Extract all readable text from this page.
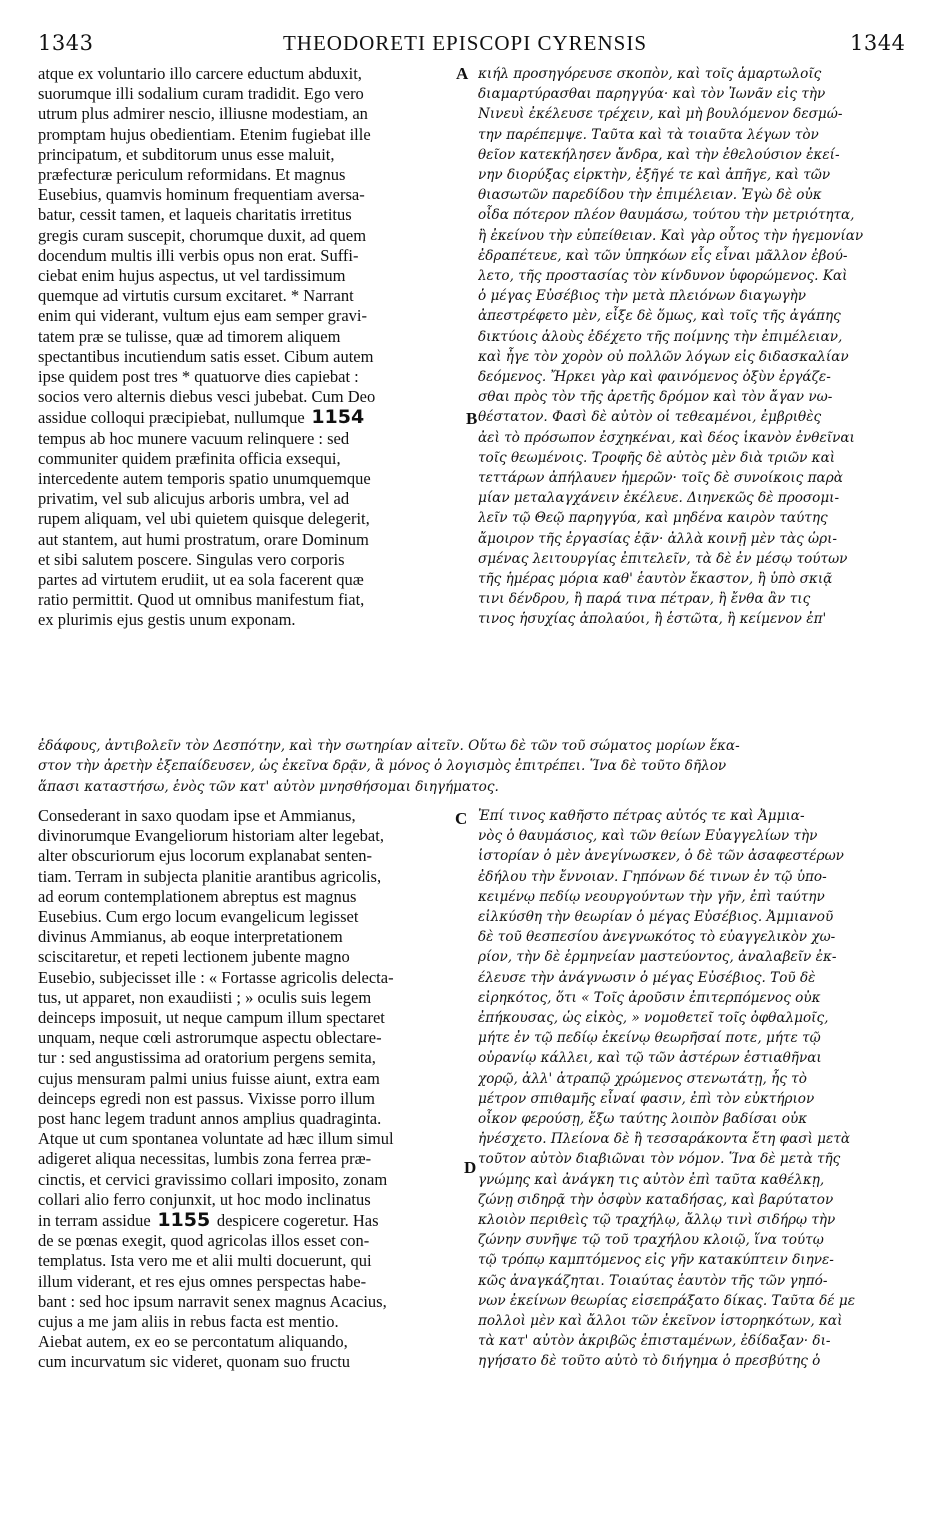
1343	THEODORETI EPISCOPI CYRENSIS	1344
A
B
C
D
atque ex voluntario illo carcere eductum abduxit,
suorumque illi sodalium curam tradidit. Ego vero
utrum plus admirer nescio, illiusne modestiam, an
promptam hujus obedientiam. Etenim fugiebat ille
principatum, et subditorum unus esse maluit,
præfecturæ periculum reformidans. Et magnus
Eusebius, quamvis hominum frequentiam aversa-
batur, cessit tamen, et laqueis charitatis irretitus
gregis curam suscepit, chorumque duxit, ad quem
docendum multis illi verbis opus non erat. Suffi-
ciebat enim hujus aspectus, ut vel tardissimum
quemque ad virtutis cursum excitaret. * Narrant
enim qui viderant, vultum ejus eam semper gravi-
tatem præ se tulisse, quæ ad timorem aliquem
spectantibus incutiendum satis esset. Cibum autem
ipse quidem post tres * quatuorve dies capiebat :
socios vero alternis diebus vesci jubebat. Cum Deo
assidue colloqui præcipiebat, nullumque 1154
tempus ab hoc munere vacuum relinquere : sed
communiter quidem præfinita officia exsequi,
intercedente autem temporis spatio unumquemque
privatim, vel sub alicujus arboris umbra, vel ad
rupem aliquam, vel ubi quietem quisque delegerit,
aut stantem, aut humi prostratum, orare Dominum
et sibi salutem poscere. Singulas vero corporis
partes ad virtutem erudiit, ut ea sola facerent quæ
ratio permittit. Quod ut omnibus manifestum fiat,
ex plurimis ejus gestis unum exponam.
κιήλ προσηγόρευσε σκοπὸν, καὶ τοῖς ἁμαρτωλοῖς
διαμαρτύρασθαι παρηγγύα· καὶ τὸν Ἰωνᾶν εἰς τὴν
Νινευὶ ἐκέλευσε τρέχειν, καὶ μὴ βουλόμενον δεσμώ-
την παρέπεμψε. Ταῦτα καὶ τὰ τοιαῦτα λέγων τὸν
θεῖον κατεκήλησεν ἄνδρα, καὶ τὴν ἐθελούσιον ἐκεί-
νην διορύξας εἱρκτὴν, ἐξῆγέ τε καὶ ἀπῆγε, καὶ τῶν
θιασωτῶν παρεδίδου τὴν ἐπιμέλειαν. Ἐγὼ δὲ οὐκ
οἶδα πότερον πλέον θαυμάσω, τούτου τὴν μετριότητα,
ἢ ἐκείνου τὴν εὐπείθειαν. Καὶ γὰρ οὗτος τὴν ἡγεμονίαν
ἐδραπέτευε, καὶ τῶν ὑπηκόων εἷς εἶναι μᾶλλον ἐβού-
λετο, τῆς προστασίας τὸν κίνδυνον ὑφορώμενος. Καὶ
ὁ μέγας Εὐσέβιος τὴν μετὰ πλειόνων διαγωγὴν
ἀπεστρέφετο μὲν, εἶξε δὲ ὅμως, καὶ τοῖς τῆς ἀγάπης
δικτύοις ἁλοὺς ἐδέχετο τῆς ποίμνης τὴν ἐπιμέλειαν,
καὶ ἦγε τὸν χορὸν οὐ πολλῶν λόγων εἰς διδασκαλίαν
δεόμενος. Ἤρκει γὰρ καὶ φαινόμενος ὀξὺν ἐργάζε-
σθαι πρὸς τὸν τῆς ἀρετῆς δρόμον καὶ τὸν ἄγαν νω-
θέστατον. Φασὶ δὲ αὐτὸν οἱ τεθεαμένοι, ἐμβριθὲς
ἀεὶ τὸ πρόσωπον ἐσχηκέναι, καὶ δέος ἱκανὸν ἐνθεῖναι
τοῖς θεωμένοις. Τροφῆς δὲ αὐτὸς μὲν διὰ τριῶν καὶ
τεττάρων ἀπήλαυεν ἡμερῶν· τοῖς δὲ συνοίκοις παρὰ
μίαν μεταλαγχάνειν ἐκέλευε. Διηνεκῶς δὲ προσομι-
λεῖν τῷ Θεῷ παρηγγύα, καὶ μηδένα καιρὸν ταύτης
ἄμοιρον τῆς ἐργασίας ἐᾷν· ἀλλὰ κοινῇ μὲν τὰς ὡρι-
σμένας λειτουργίας ἐπιτελεῖν, τὰ δὲ ἐν μέσῳ τούτων
τῆς ἡμέρας μόρια καθ' ἑαυτὸν ἕκαστον, ἢ ὑπὸ σκιᾷ
τινι δένδρου, ἢ παρά τινα πέτραν, ἢ ἔνθα ἂν τις
τινος ἡσυχίας ἀπολαύοι, ἢ ἑστῶτα, ἢ κείμενον ἐπ'
ἐδάφους, ἀντιβολεῖν τὸν Δεσπότην, καὶ τὴν σωτηρίαν αἰτεῖν. Οὕτω δὲ τῶν τοῦ σώματος μορίων ἕκα-
στον τὴν ἀρετὴν ἐξεπαίδευσεν, ὡς ἐκεῖνα δρᾷν, ἃ μόνος ὁ λογισμὸς ἐπιτρέπει. Ἵνα δὲ τοῦτο δῆλον
ἅπασι καταστήσω, ἑνὸς τῶν κατ' αὐτὸν μνησθήσομαι διηγήματος.
Consederant in saxo quodam ipse et Ammianus,
divinorumque Evangeliorum historiam alter legebat,
alter obscuriorum ejus locorum explanabat senten-
tiam. Terram in subjecta planitie arantibus agricolis,
ad eorum contemplationem abreptus est magnus
Eusebius. Cum ergo locum evangelicum legisset
divinus Ammianus, ab eoque interpretationem
sciscitaretur, et repeti lectionem jubente magno
Eusebio, subjecisset ille : « Fortasse agricolis delecta-
tus, ut apparet, non exaudiisti ; » oculis suis legem
deinceps imposuit, ut neque campum illum spectaret
unquam, neque cœli astrorumque aspectu oblectare-
tur : sed angustissima ad oratorium pergens semita,
cujus mensuram palmi unius fuisse aiunt, extra eam
deinceps egredi non est passus. Vixisse porro illum
post hanc legem tradunt annos amplius quadraginta.
Atque ut cum spontanea voluntate ad hæc illum simul
adigeret aliqua necessitas, lumbis zona ferrea præ-
cinctis, et cervici gravissimo collari imposito, zonam
collari alio ferro conjunxit, ut hoc modo inclinatus
in terram assidue 1155 despicere cogeretur. Has
de se pœnas exegit, quod agricolas illos esset con-
templatus. Ista vero me et alii multi docuerunt, qui
illum viderant, et res ejus omnes perspectas habe-
bant : sed hoc ipsum narravit senex magnus Acacius,
cujus a me jam aliis in rebus facta est mentio.
Aiebat autem, ex eo se percontatum aliquando,
cum incurvatum sic videret, quonam suo fructu
Ἐπί τινος καθῆστο πέτρας αὐτός τε καὶ Ἀμμια-
νὸς ὁ θαυμάσιος, καὶ τῶν θείων Εὐαγγελίων τὴν
ἱστορίαν ὁ μὲν ἀνεγίνωσκεν, ὁ δὲ τῶν ἀσαφεστέρων
ἐδήλου τὴν ἔννοιαν. Γηπόνων δέ τινων ἐν τῷ ὑπο-
κειμένῳ πεδίῳ νεουργούντων τὴν γῆν, ἐπὶ ταύτην
εἱλκύσθη τὴν θεωρίαν ὁ μέγας Εὐσέβιος. Ἀμμιανοῦ
δὲ τοῦ θεσπεσίου ἀνεγνωκότος τὸ εὐαγγελικὸν χω-
ρίον, τὴν δὲ ἑρμηνείαν μαστεύοντος, ἀναλαβεῖν ἐκ-
έλευσε τὴν ἀνάγνωσιν ὁ μέγας Εὐσέβιος. Τοῦ δὲ
εἰρηκότος, ὅτι « Τοῖς ἀροῦσιν ἐπιτερπόμενος οὐκ
ἐπήκουσας, ὡς εἰκὸς, » νομοθετεῖ τοῖς ὀφθαλμοῖς,
μήτε ἐν τῷ πεδίῳ ἐκείνῳ θεωρῆσαί ποτε, μήτε τῷ
οὐρανίῳ κάλλει, καὶ τῷ τῶν ἀστέρων ἑστιαθῆναι
χορῷ, ἀλλ' ἀτραπῷ χρώμενος στενωτάτῃ, ἧς τὸ
μέτρον σπιθαμῆς εἶναί φασιν, ἐπὶ τὸν εὐκτήριον
οἶκον φερούσῃ, ἔξω ταύτης λοιπὸν βαδίσαι οὐκ
ἠνέσχετο. Πλείονα δὲ ἢ τεσσαράκοντα ἔτη φασὶ μετὰ
τοῦτον αὐτὸν διαβιῶναι τὸν νόμον. Ἵνα δὲ μετὰ τῆς
γνώμης καὶ ἀνάγκη τις αὐτὸν ἐπὶ ταῦτα καθέλκῃ,
ζώνῃ σιδηρᾷ τὴν ὀσφὺν καταδήσας, καὶ βαρύτατον
κλοιὸν περιθεὶς τῷ τραχήλῳ, ἄλλῳ τινὶ σιδήρῳ τὴν
ζώνην συνῆψε τῷ τοῦ τραχήλου κλοιῷ, ἵνα τούτῳ
τῷ τρόπῳ καμπτόμενος εἰς γῆν κατακύπτειν διηνε-
κῶς ἀναγκάζηται. Τοιαύτας ἑαυτὸν τῆς τῶν γηπό-
νων ἐκείνων θεωρίας εἰσεπράξατο δίκας. Ταῦτα δέ με
πολλοὶ μὲν καὶ ἄλλοι τῶν ἐκεῖνον ἱστορηκότων, καὶ
τὰ κατ' αὐτὸν ἀκριβῶς ἐπισταμένων, ἐδίδαξαν· δι-
ηγήσατο δὲ τοῦτο αὐτὸ τὸ διήγημα ὁ πρεσβύτης ὁ
